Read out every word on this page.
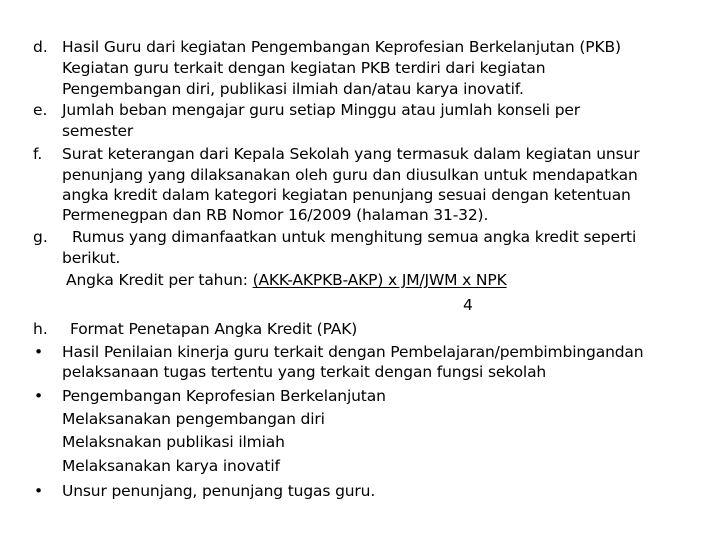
d. Hasil Guru dari kegiatan Pengembangan Keprofesian Berkelanjutan (PKB)
Kegiatan guru terkait dengan kegiatan PKB terdiri dari kegiatan
Pengembangan diri, publikasi ilmiah dan/atau karya inovatif.
e. Jumlah beban mengajar guru setiap Minggu atau jumlah konseli per
semester
f. Surat keterangan dari Kepala Sekolah yang termasuk dalam kegiatan unsur
penunjang yang dilaksanakan oleh guru dan diusulkan untuk mendapatkan
angka kredit dalam kategori kegiatan penunjang sesuai dengan ketentuan
Permenegpan dan RB Nomor 16/2009 (halaman 31-32).
g. Rumus yang dimanfaatkan untuk menghitung semua angka kredit seperti
berikut.
Angka Kredit per tahun: (AKK-AKPKB-AKP) x JM/JWM x NPK
4
h. Format Penetapan Angka Kredit (PAK)
• Hasil Penilaian kinerja guru terkait dengan Pembelajaran/pembimbingandan
pelaksanaan tugas tertentu yang terkait dengan fungsi sekolah
• Pengembangan Keprofesian Berkelanjutan
Melaksanakan pengembangan diri
Melaksnakan publikasi ilmiah
Melaksanakan karya inovatif
• Unsur penunjang, penunjang tugas guru.
